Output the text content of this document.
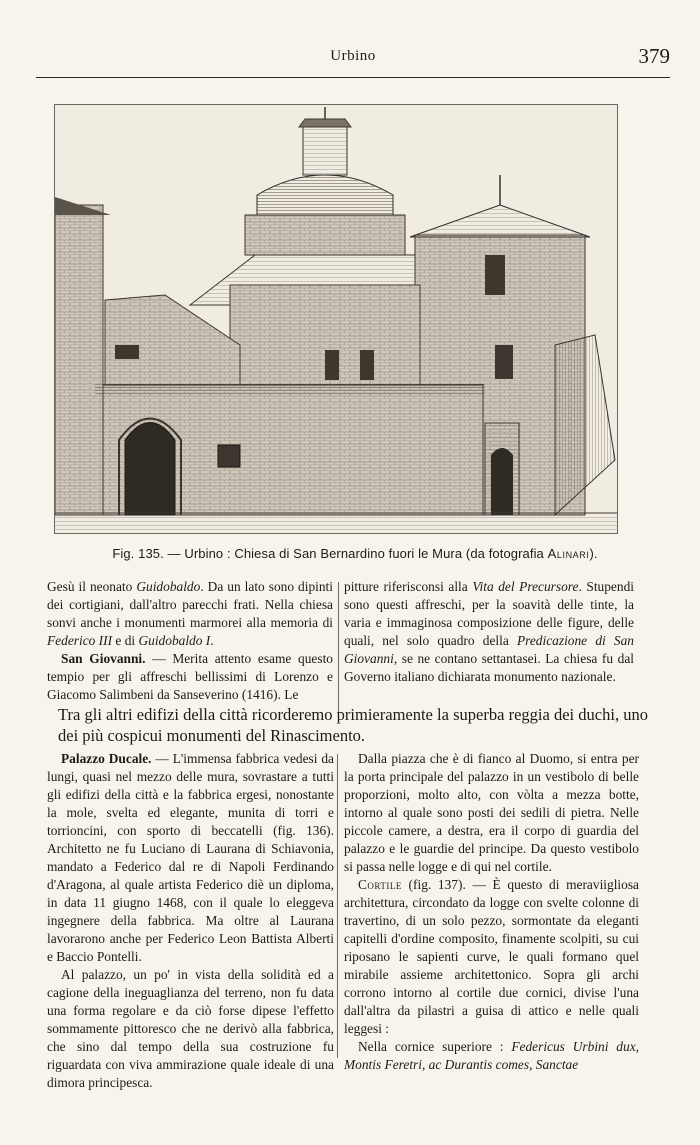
Urbino	379
Fig. 135. — Urbino : Chiesa di San Bernardino fuori le Mura (da fotografia Alinari).

Gesù il neonato Guidobaldo. Da un lato sono dipinti dei cortigiani, dall'altro parecchi frati. Nella chiesa sonvi anche i monumenti marmorei alla memoria di Federico III e di Guidobaldo I.

San Giovanni. — Merita attento esame questo tempio per gli affreschi bellissimi di Lorenzo e Giacomo Salimbeni da Sanseverino (1416). Le

pitture riferisconsi alla Vita del Precursore. Stupendi sono questi affreschi, per la soavità delle tinte, la varia e immaginosa composizione delle figure, delle quali, nel solo quadro della Predicazione di San Giovanni, se ne contano settantasei. La chiesa fu dal Governo italiano dichiarata monumento nazionale.

Tra gli altri edifizi della città ricorderemo primieramente la superba reggia dei duchi, uno dei più cospicui monumenti del Rinascimento.

Palazzo Ducale. — L'immensa fabbrica vedesi da lungi, quasi nel mezzo delle mura, sovrastare a tutti gli edifizi della città e la fabbrica ergesi, nonostante la mole, svelta ed elegante, munita di torri e torrioncini, con sporto di beccatelli (fig. 136). Architetto ne fu Luciano di Laurana di Schiavonia, mandato a Federico dal re di Napoli Ferdinando d'Aragona, al quale artista Federico diè un diploma, in data 11 giugno 1468, con il quale lo eleggeva ingegnere della fabbrica. Ma oltre al Laurana lavorarono anche per Federico Leon Battista Alberti e Baccio Pontelli.

Al palazzo, un po' in vista della solidità ed a cagione della ineguaglianza del terreno, non fu data una forma regolare e da ciò forse dipese l'effetto sommamente pittoresco che ne derivò alla fabbrica, che sino dal tempo della sua costruzione fu riguardata con viva ammirazione quale ideale di una dimora principesca.

Dalla piazza che è di fianco al Duomo, si entra per la porta principale del palazzo in un vestibolo di belle proporzioni, molto alto, con vòlta a mezza botte, intorno al quale sono posti dei sedili di pietra. Nelle piccole camere, a destra, era il corpo di guardia del palazzo e le guardie del principe. Da questo vestibolo si passa nelle logge e di qui nel cortile.

Cortile (fig. 137). — È questo di meraviigliosa architettura, circondato da logge con svelte colonne di travertino, di un solo pezzo, sormontate da eleganti capitelli d'ordine composito, finamente scolpiti, su cui riposano le sapienti curve, le quali formano quel mirabile assieme architettonico. Sopra gli archi corrono intorno al cortile due cornici, divise l'una dall'altra da pilastri a guisa di attico e nelle quali leggesi :

Nella cornice superiore : Federicus Urbini dux, Montis Feretri, ac Durantis comes, Sanctae
